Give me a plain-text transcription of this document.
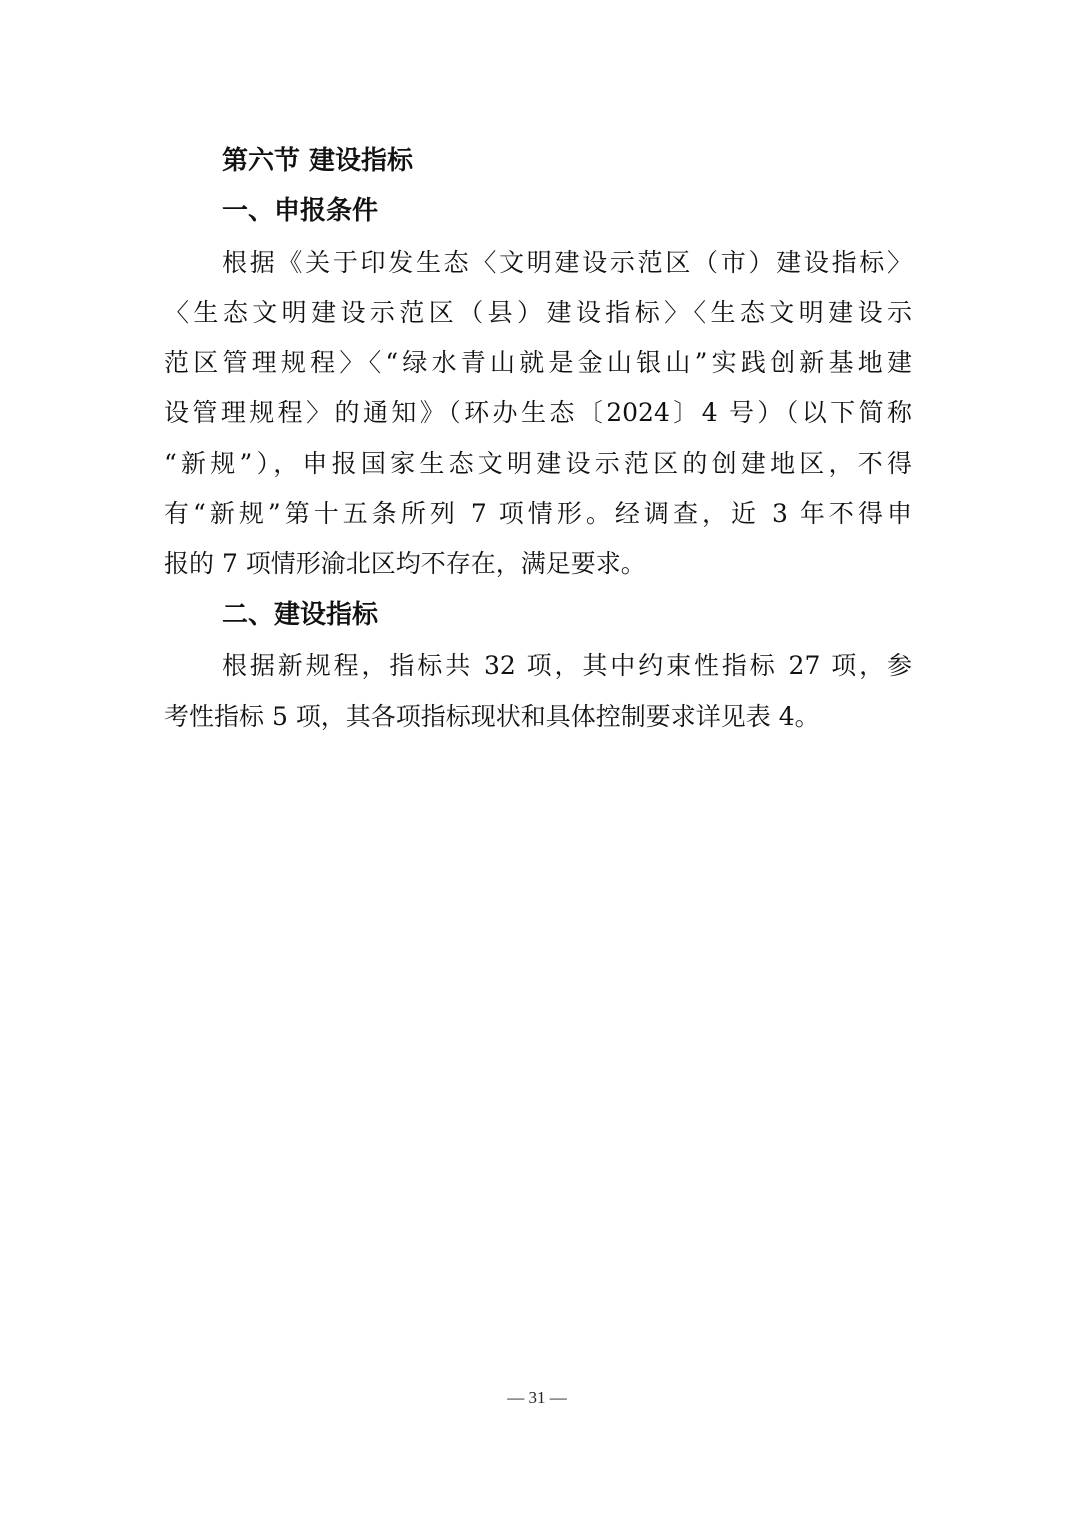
第六节 建设指标
一、申报条件
根据《关于印发生态〈文明建设示范区（市）建设指标〉
〈生态文明建设示范区（县）建设指标〉〈生态文明建设示
范区管理规程〉〈“绿水青山就是金山银山”实践创新基地建
设管理规程〉的通知》（环办生态〔2024〕4 号）（以下简称
“新规”），申报国家生态文明建设示范区的创建地区，不得
有“新规”第十五条所列 7 项情形。经调查，近 3 年不得申
报的 7 项情形渝北区均不存在，满足要求。
二、建设指标
根据新规程，指标共 32 项，其中约束性指标 27 项，参
考性指标 5 项，其各项指标现状和具体控制要求详见表 4。
— 31 —
